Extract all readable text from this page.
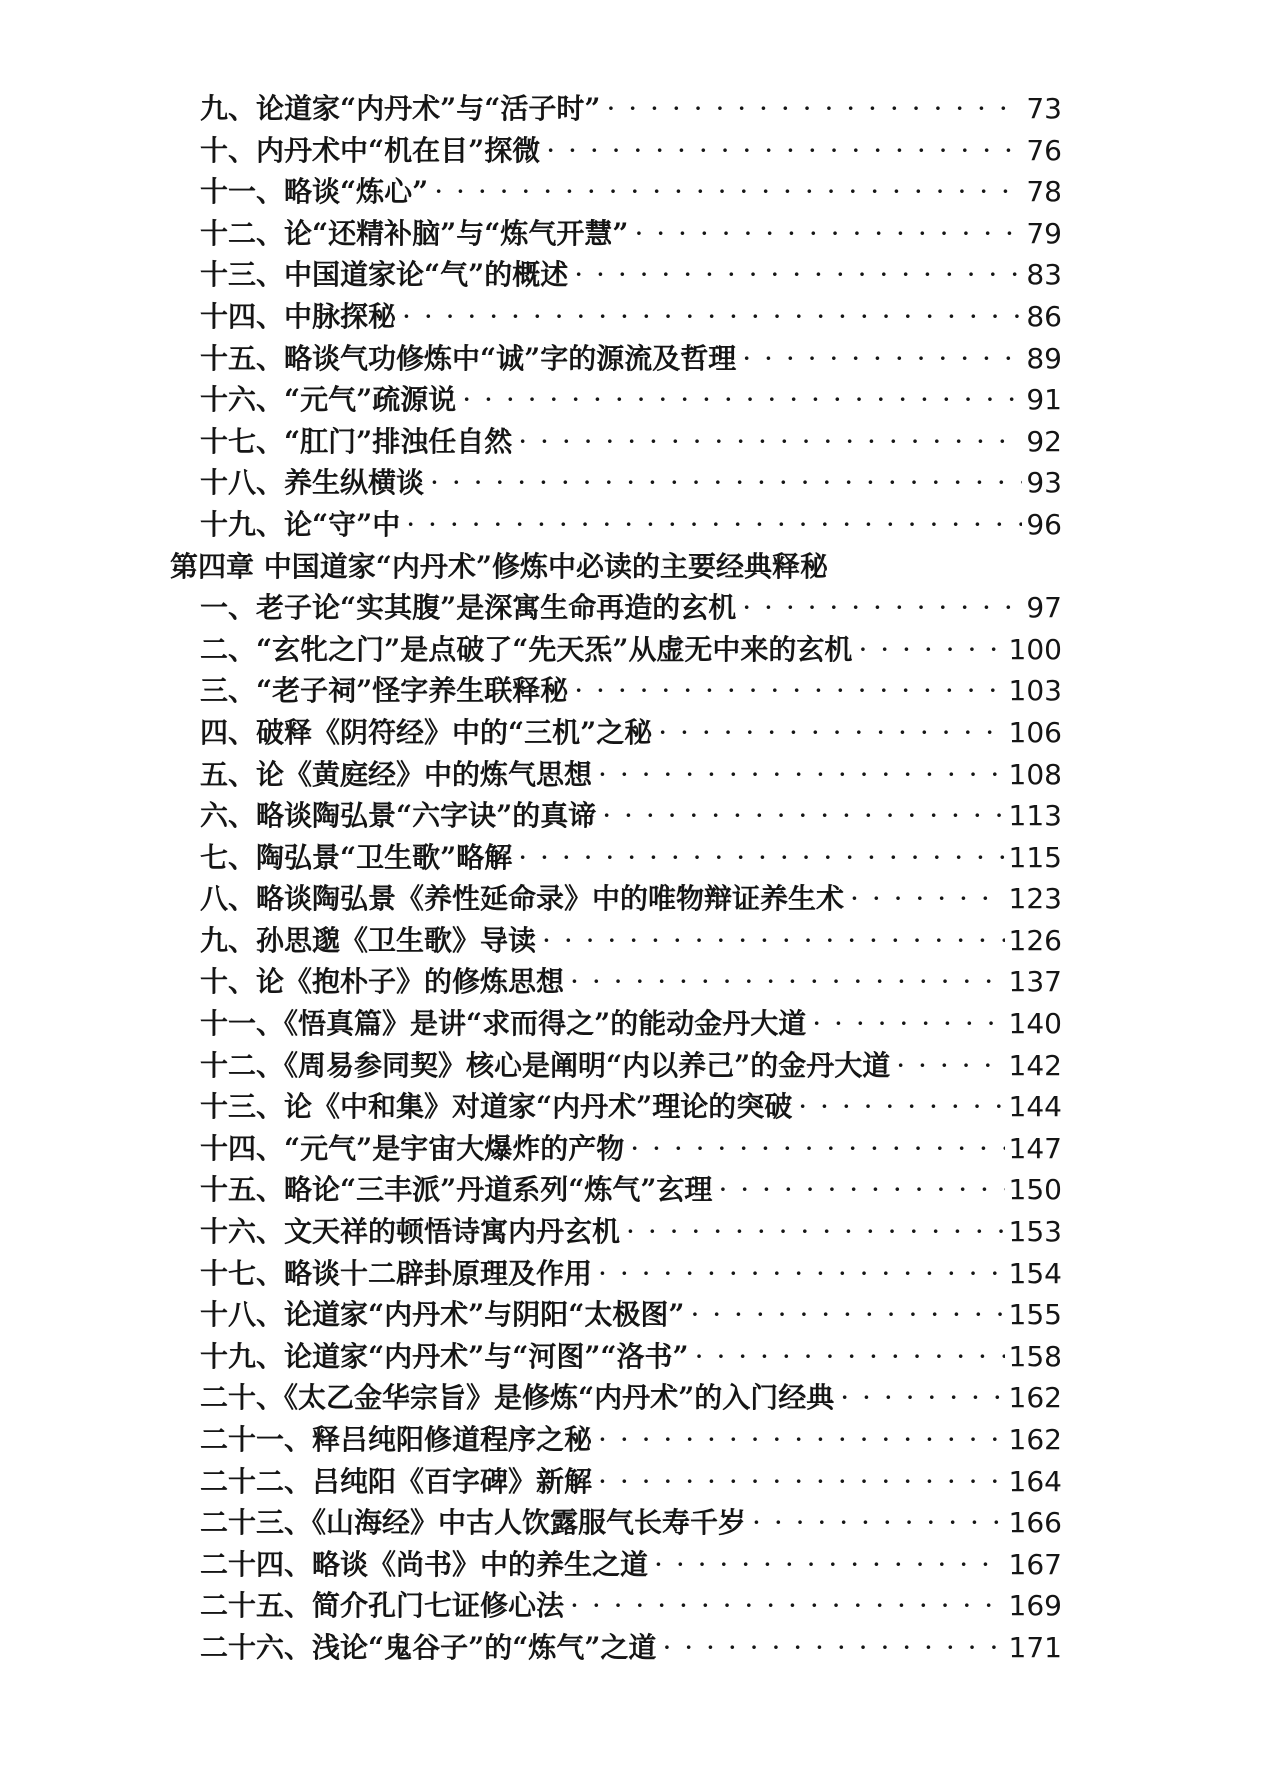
九、论道家“内丹术”与“活子时” · · ·	73
十、内丹术中“机在目”探微 · · ·	76
十一、略谈“炼心” · · ·	78
十二、论“还精补脑”与“炼气开慧” · · ·	79
十三、中国道家论“气”的概述 · · ·	83
十四、中脉探秘 · · ·	86
十五、略谈气功修炼中“诚”字的源流及哲理 · · ·	89
十六、“元气”疏源说 · · ·	91
十七、“肛门”排浊任自然 · · ·	92
十八、养生纵横谈 · · ·	93
十九、论“守”中 · · ·	96
第四章 中国道家“内丹术”修炼中必读的主要经典释秘
一、老子论“实其腹”是深寓生命再造的玄机 · · ·	97
二、“玄牝之门”是点破了“先天炁”从虚无中来的玄机 · · ·	100
三、“老子祠”怪字养生联释秘 · · ·	103
四、破释《阴符经》中的“三机”之秘 · · ·	106
五、论《黄庭经》中的炼气思想 · · ·	108
六、略谈陶弘景“六字诀”的真谛 · · ·	113
七、陶弘景“卫生歌”略解 · · ·	115
八、略谈陶弘景《养性延命录》中的唯物辩证养生术 · · ·	123
九、孙思邈《卫生歌》导读 · · ·	126
十、论《抱朴子》的修炼思想 · · ·	137
十一、《悟真篇》是讲“求而得之”的能动金丹大道 · · ·	140
十二、《周易参同契》核心是阐明“内以养己”的金丹大道 · · ·	142
十三、论《中和集》对道家“内丹术”理论的突破 · · ·	144
十四、“元气”是宇宙大爆炸的产物 · · ·	147
十五、略论“三丰派”丹道系列“炼气”玄理 · · ·	150
十六、文天祥的顿悟诗寓内丹玄机 · · ·	153
十七、略谈十二辟卦原理及作用 · · ·	154
十八、论道家“内丹术”与阴阳“太极图” · · ·	155
十九、论道家“内丹术”与“河图”“洛书” · · ·	158
二十、《太乙金华宗旨》是修炼“内丹术”的入门经典 · · ·	162
二十一、释吕纯阳修道程序之秘 · · ·	162
二十二、吕纯阳《百字碑》新解 · · ·	164
二十三、《山海经》中古人饮露服气长寿千岁 · · ·	166
二十四、略谈《尚书》中的养生之道 · · ·	167
二十五、简介孔门七证修心法 · · ·	169
二十六、浅论“鬼谷子”的“炼气”之道 · · ·	171
